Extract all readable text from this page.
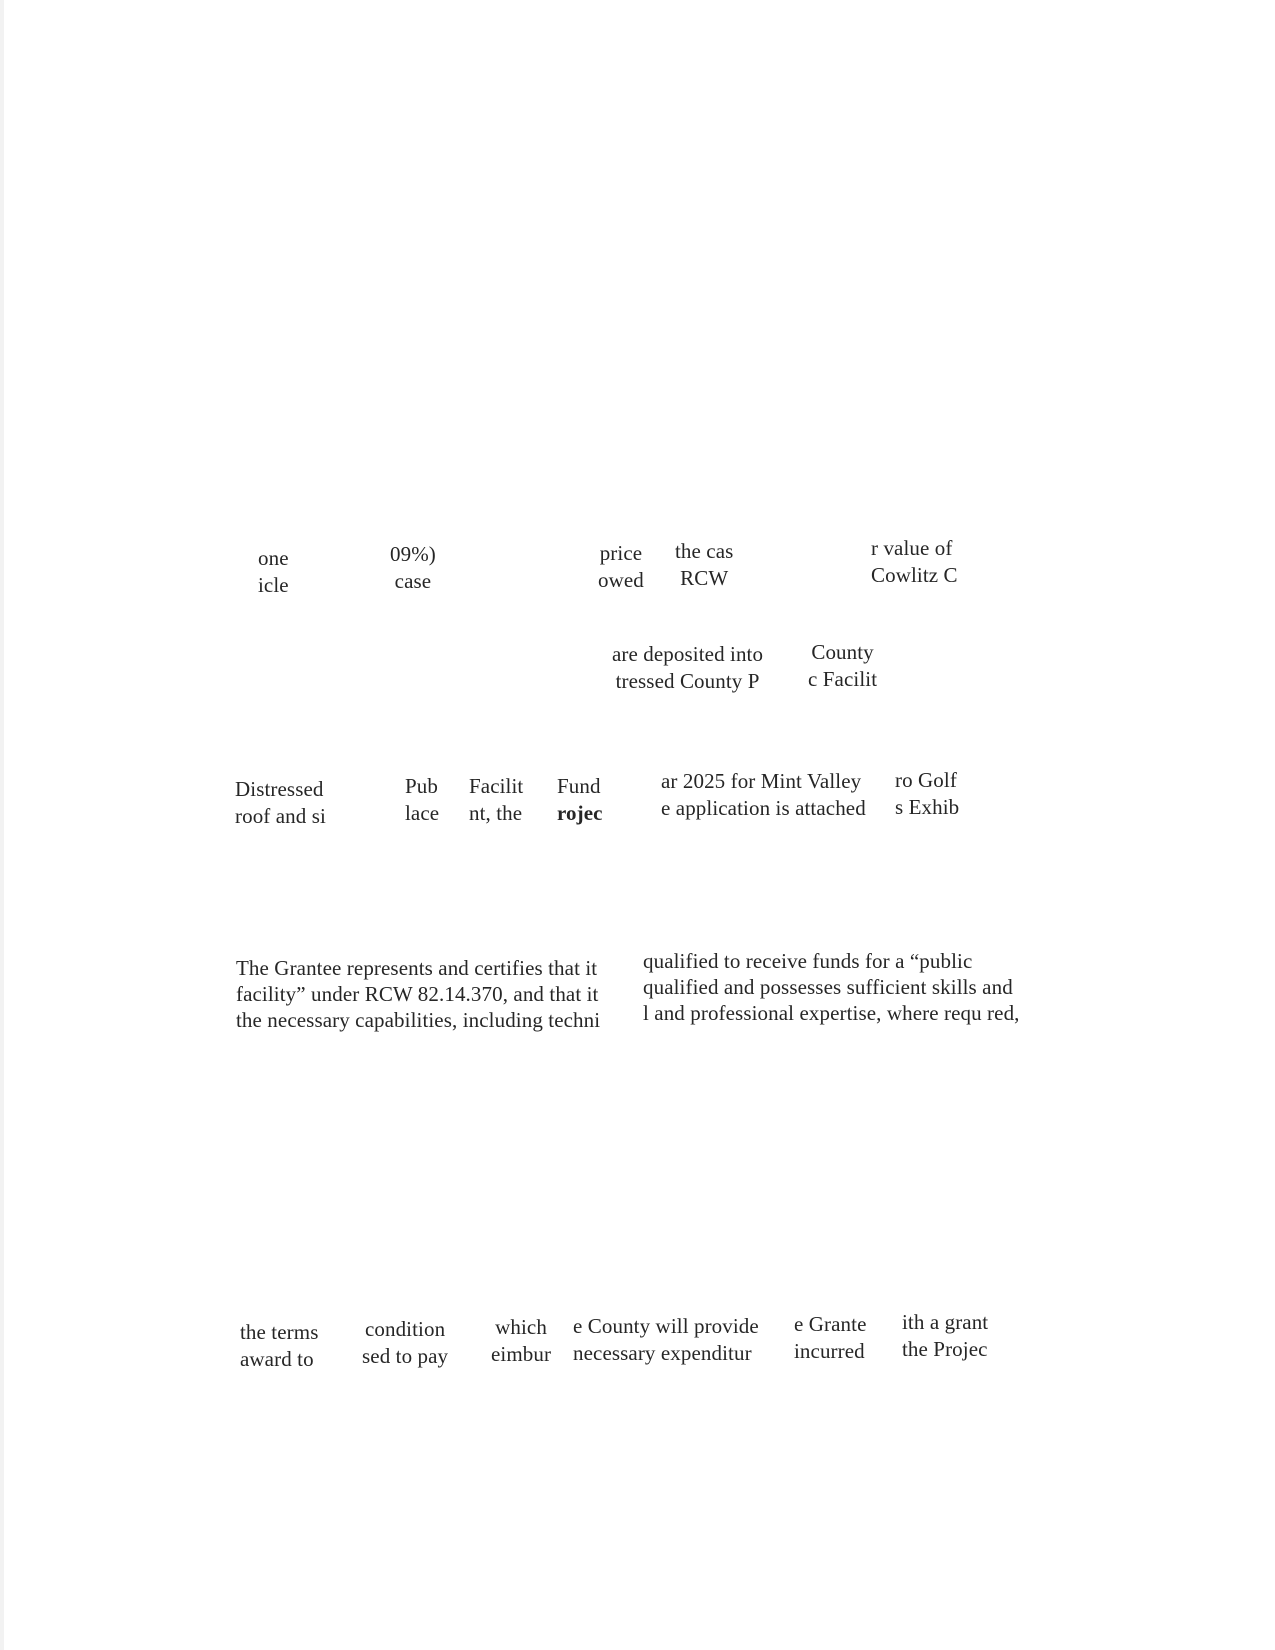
one
icle
09%)
case
price
owed
the cas
RCW
r value of
Cowlitz C
are deposited into
tressed County P
County
c Facilit
Distressed
roof and si
Pub
lace
Facilit
nt, the
Fund
rojec
ar 2025 for Mint Valley
e application is attached
ro Golf
s Exhib
The Grantee represents and certifies that it
facility” under RCW 82.14.370, and that it
the necessary capabilities, including techni
qualified to receive funds for a “public
qualified and possesses sufficient skills and
l and professional expertise, where requ red,
the terms
award to
condition
sed to pay
which
eimbur
e County will provide
necessary expenditur
e Grante
incurred
ith a grant
the Projec
